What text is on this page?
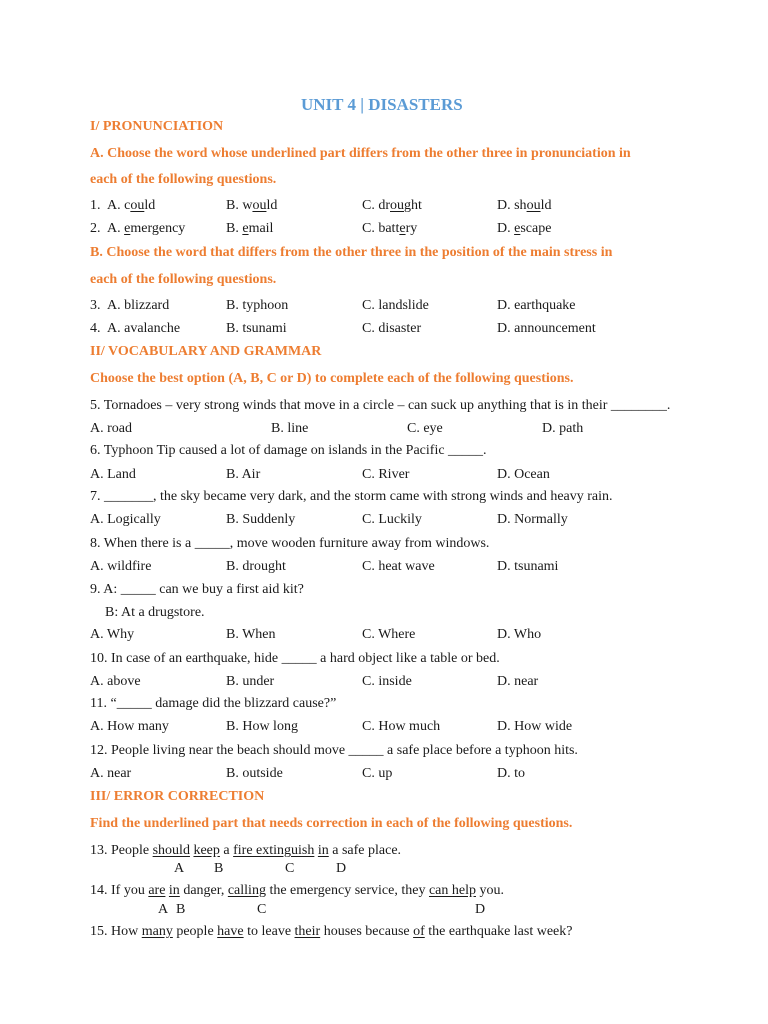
UNIT 4 | DISASTERS
I/ PRONUNCIATION
A. Choose the word whose underlined part differs from the other three in pronunciation in
each of the following questions.
1. A. could	B. would	C. drought	D. should
2. A. emergency	B. email	C. battery	D. escape
B. Choose the word that differs from the other three in the position of the main stress in
each of the following questions.
3. A. blizzard	B. typhoon	C. landslide	D. earthquake
4. A. avalanche	B. tsunami	C. disaster	D. announcement
II/ VOCABULARY AND GRAMMAR
Choose the best option (A, B, C or D) to complete each of the following questions.
5. Tornadoes – very strong winds that move in a circle – can suck up anything that is in their ________.
A. road	B. line	C. eye	D. path
6. Typhoon Tip caused a lot of damage on islands in the Pacific _____.
A. Land	B. Air	C. River	D. Ocean
7. _______, the sky became very dark, and the storm came with strong winds and heavy rain.
A. Logically	B. Suddenly	C. Luckily	D. Normally
8. When there is a _____, move wooden furniture away from windows.
A. wildfire	B. drought	C. heat wave	D. tsunami
9. A: _____ can we buy a first aid kit?
B: At a drugstore.
A. Why	B. When	C. Where	D. Who
10. In case of an earthquake, hide _____ a hard object like a table or bed.
A. above	B. under	C. inside	D. near
11. “_____ damage did the blizzard cause?”
A. How many	B. How long	C. How much	D. How wide
12. People living near the beach should move _____ a safe place before a typhoon hits.
A. near	B. outside	C. up	D. to
III/ ERROR CORRECTION
Find the underlined part that needs correction in each of the following questions.
13. People should keep a fire extinguish in a safe place.
A B	C	D
14. If you are in danger, calling the emergency service, they can help you.
A B	C	D
15. How many people have to leave their houses because of the earthquake last week?
